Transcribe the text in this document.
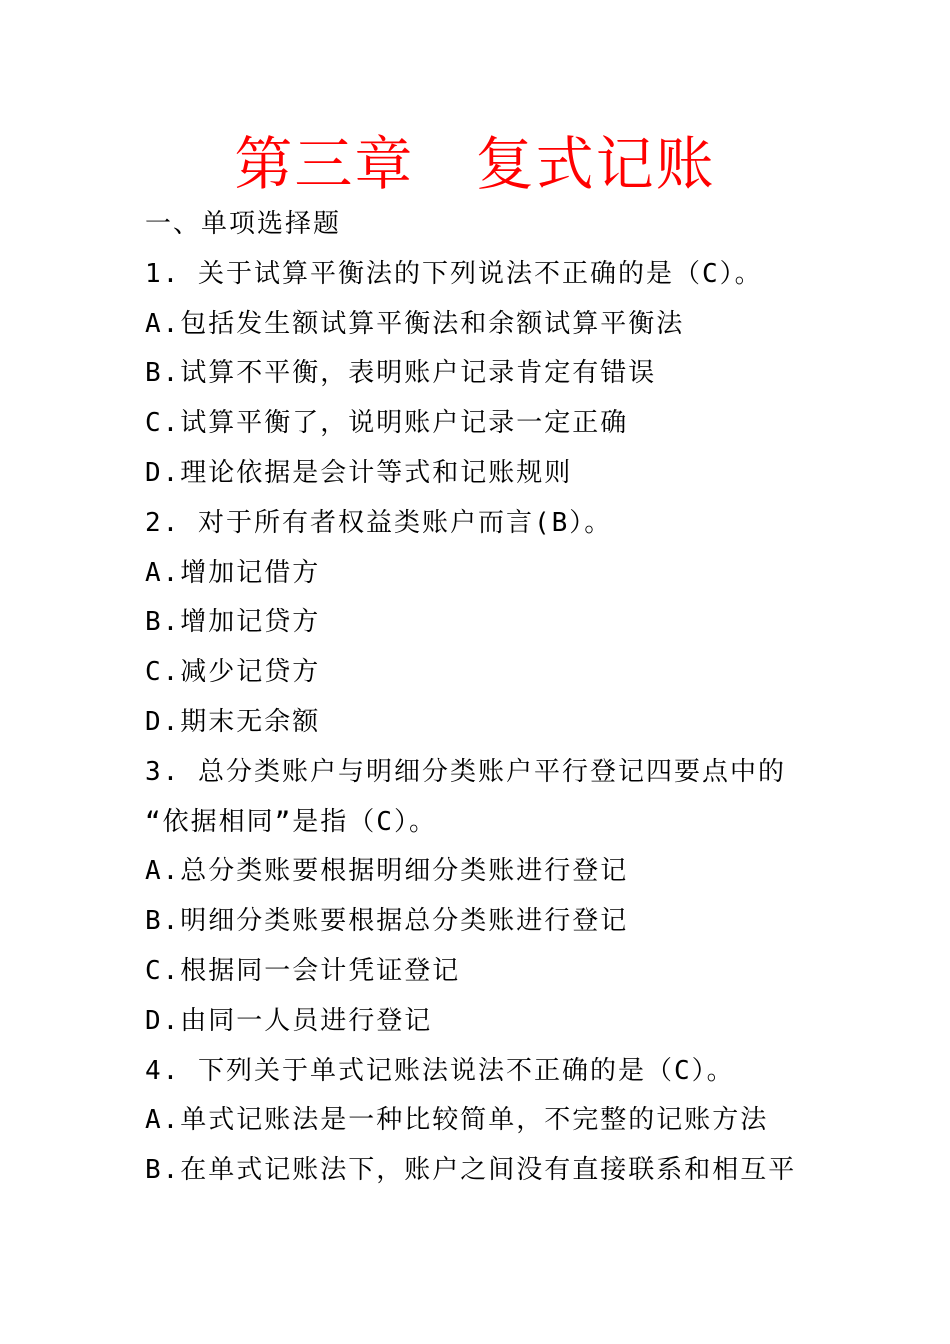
第三章   复式记账
一、单项选择题
1. 关于试算平衡法的下列说法不正确的是（C）。
A.包括发生额试算平衡法和余额试算平衡法
B.试算不平衡，表明账户记录肯定有错误
C.试算平衡了，说明账户记录一定正确
D.理论依据是会计等式和记账规则
2. 对于所有者权益类账户而言(B）。
A.增加记借方
B.增加记贷方
C.减少记贷方
D.期末无余额
3. 总分类账户与明细分类账户平行登记四要点中的
“依据相同”是指（C）。
A.总分类账要根据明细分类账进行登记
B.明细分类账要根据总分类账进行登记
C.根据同一会计凭证登记
D.由同一人员进行登记
4. 下列关于单式记账法说法不正确的是（C）。
A.单式记账法是一种比较简单，不完整的记账方法
B.在单式记账法下，账户之间没有直接联系和相互平
